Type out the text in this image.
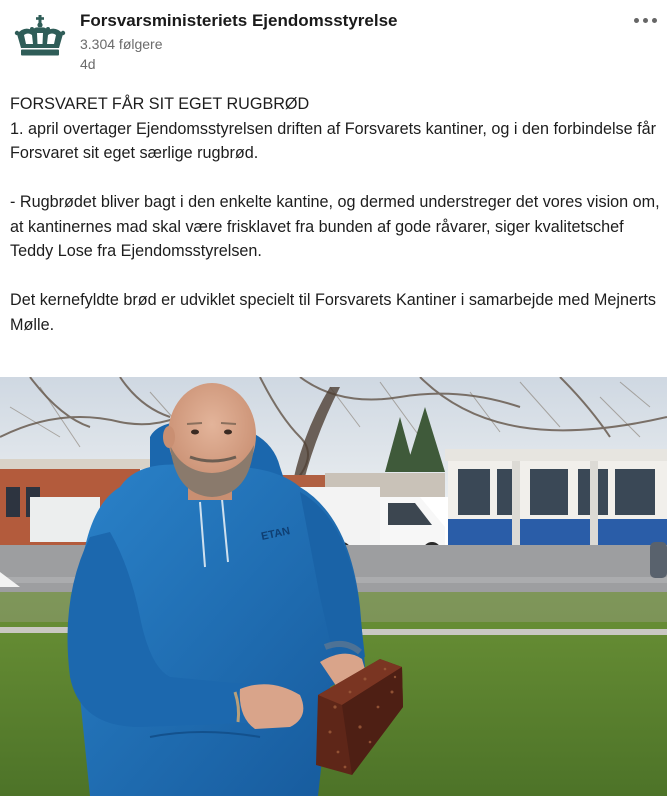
Forsvarsministeriets Ejendomsstyrelse
3.304 følgere
4d

FORSVARET FÅR SIT EGET RUGBRØD

1. april overtager Ejendomsstyrelsen driften af Forsvarets kantiner, og i den forbindelse får Forsvaret sit eget særlige rugbrød.

- Rugbrødet bliver bagt i den enkelte kantine, og dermed understreger det vores vision om, at kantinernes mad skal være frisklavet fra bunden af gode råvarer, siger kvalitetschef Teddy Lose fra Ejendomsstyrelsen.

Det kernefyldte brød er udviklet specielt til Forsvarets Kantiner i samarbejde med Mejnerts Mølle.

ETAN
